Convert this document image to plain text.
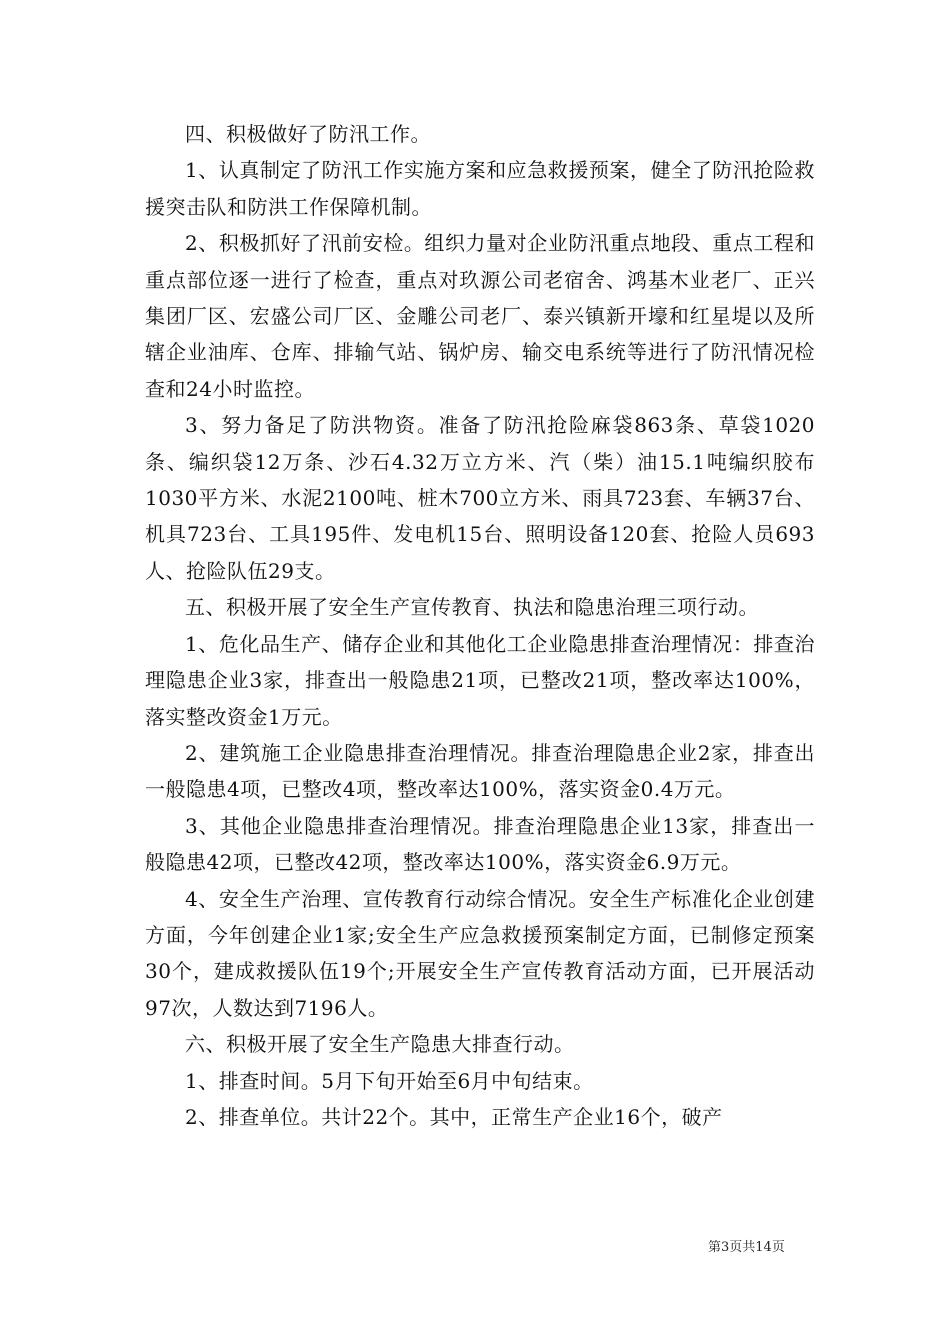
四、积极做好了防汛工作。

1、认真制定了防汛工作实施方案和应急救援预案，健全了防汛抢险救援突击队和防洪工作保障机制。

2、积极抓好了汛前安检。组织力量对企业防汛重点地段、重点工程和重点部位逐一进行了检查，重点对玖源公司老宿舍、鸿基木业老厂、正兴集团厂区、宏盛公司厂区、金雕公司老厂、泰兴镇新开壕和红星堤以及所辖企业油库、仓库、排输气站、锅炉房、输交电系统等进行了防汛情况检查和24小时监控。

3、努力备足了防洪物资。准备了防汛抢险麻袋863条、草袋1020条、编织袋12万条、沙石4.32万立方米、汽（柴）油15.1吨编织胶布1030平方米、水泥2100吨、桩木700立方米、雨具723套、车辆37台、机具723台、工具195件、发电机15台、照明设备120套、抢险人员693人、抢险队伍29支。

五、积极开展了安全生产宣传教育、执法和隐患治理三项行动。

1、危化品生产、储存企业和其他化工企业隐患排查治理情况：排查治理隐患企业3家，排查出一般隐患21项，已整改21项，整改率达100%，落实整改资金1万元。

2、建筑施工企业隐患排查治理情况。排查治理隐患企业2家，排查出一般隐患4项，已整改4项，整改率达100%，落实资金0.4万元。

3、其他企业隐患排查治理情况。排查治理隐患企业13家，排查出一般隐患42项，已整改42项，整改率达100%，落实资金6.9万元。

4、安全生产治理、宣传教育行动综合情况。安全生产标准化企业创建方面，今年创建企业1家;安全生产应急救援预案制定方面，已制修定预案30个，建成救援队伍19个;开展安全生产宣传教育活动方面，已开展活动97次，人数达到7196人。

六、积极开展了安全生产隐患大排查行动。

1、排查时间。5月下旬开始至6月中旬结束。

2、排查单位。共计22个。其中，正常生产企业16个，破产

第3页共14页
